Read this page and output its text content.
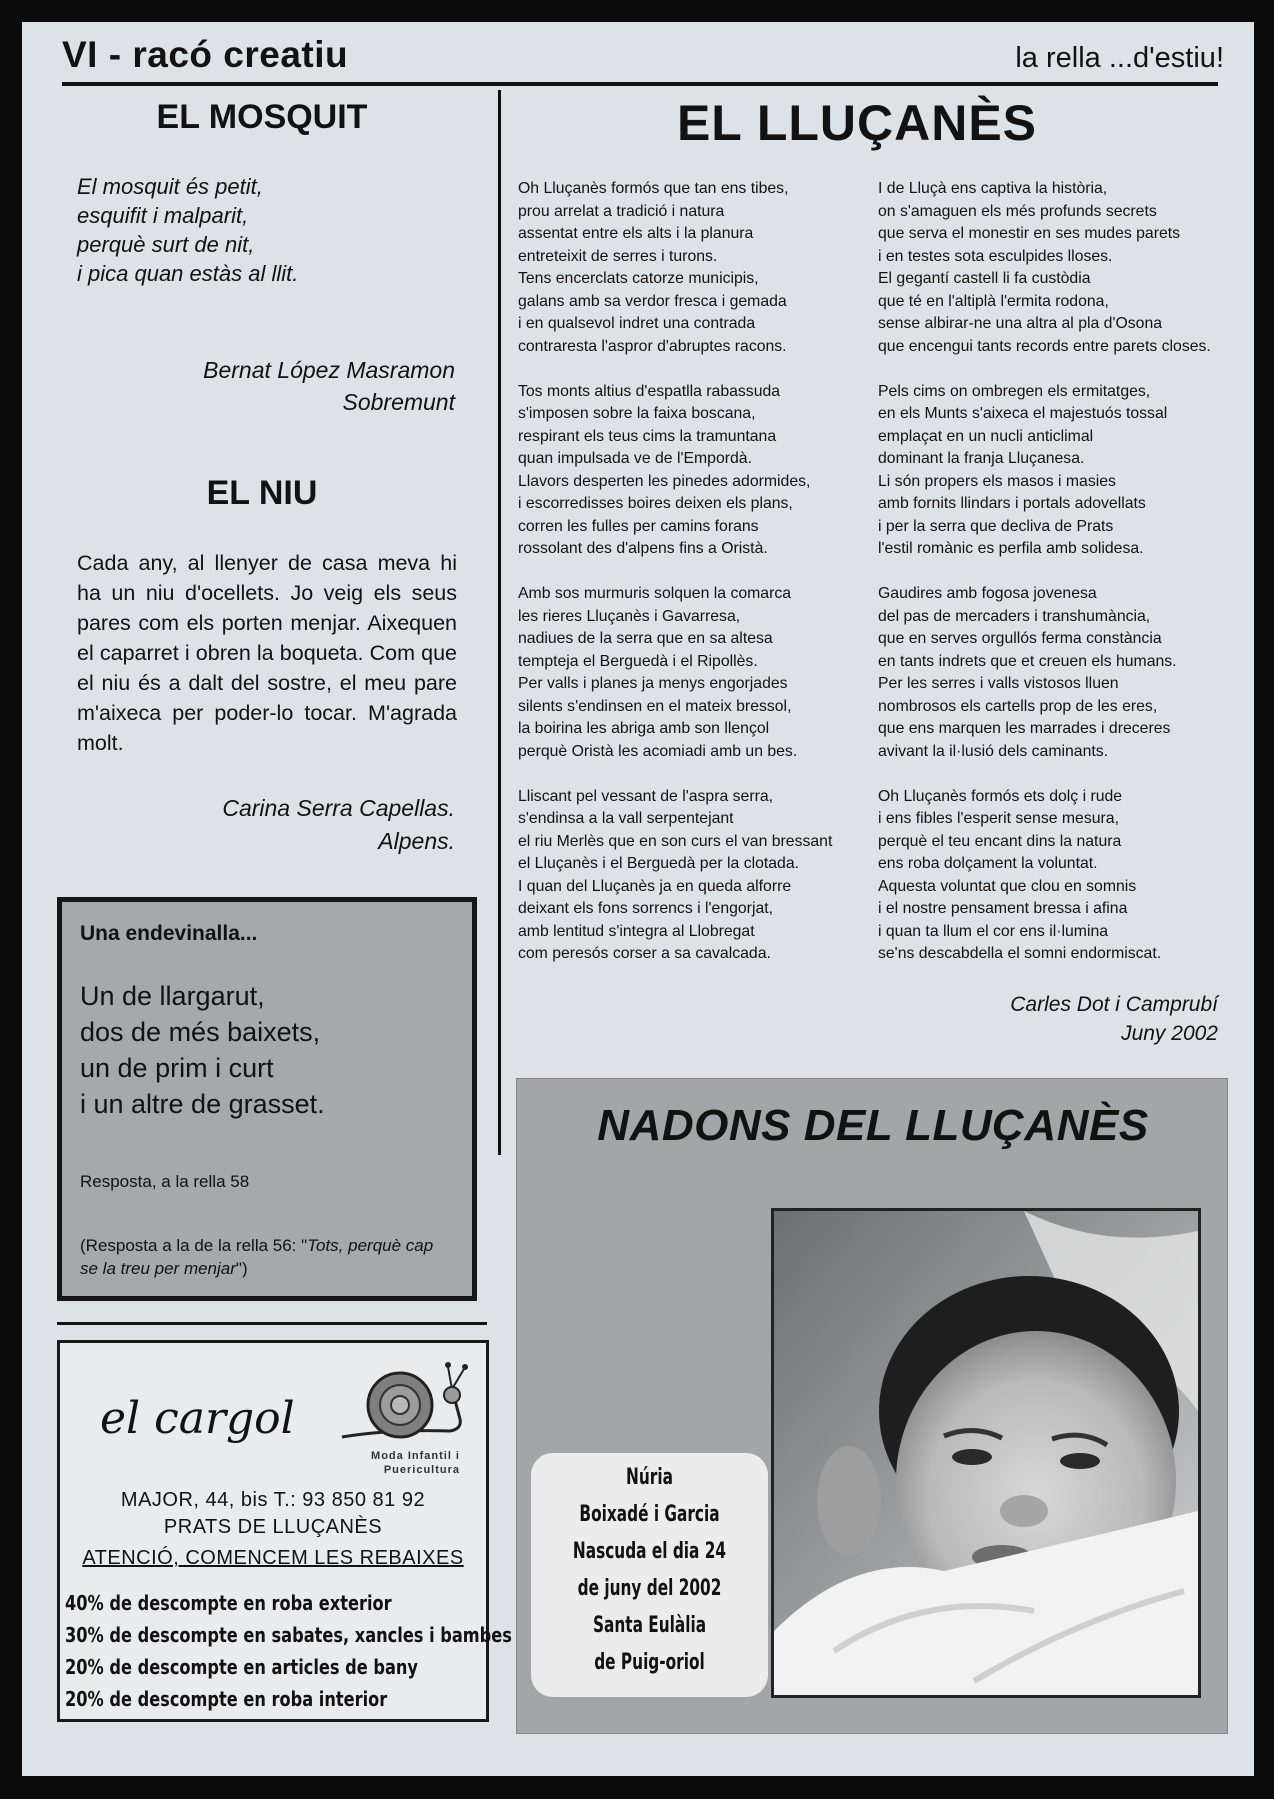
VI - racó creatiu	la rella ...d'estiu!
EL MOSQUIT
El mosquit és petit,
esquifit i malparit,
perquè surt de nit,
i pica quan estàs al llit.
Bernat López Masramon
Sobremunt
EL NIU
Cada any, al llenyer de casa meva hi ha un niu d'ocellets. Jo veig els seus pares com els porten menjar. Aixequen el caparret i obren la boqueta. Com que el niu és a dalt del sostre, el meu pare m'aixeca per poder-lo tocar. M'agrada molt.
Carina Serra Capellas.
Alpens.
Una endevinalla...
Un de llargarut,
dos de més baixets,
un de prim i curt
i un altre de grasset.
Resposta, a la rella 58
(Resposta a la de la rella 56: "Tots, perquè cap se la treu per menjar")
el cargol
Moda Infantil i
Puericultura
MAJOR, 44, bis T.: 93 850 81 92
PRATS DE LLUÇANÈS
ATENCIÓ, COMENCEM LES REBAIXES
40% de descompte en roba exterior
30% de descompte en sabates, xancles i bambes
20% de descompte en articles de bany
20% de descompte en roba interior
EL LLUÇANÈS
Oh Lluçanès formós que tan ens tibes,
prou arrelat a tradició i natura
assentat entre els alts i la planura
entreteixit de serres i turons.
Tens encerclats catorze municipis,
galans amb sa verdor fresca i gemada
i en qualsevol indret una contrada
contraresta l'aspror d'abruptes racons.
Tos monts altius d'espatlla rabassuda
s'imposen sobre la faixa boscana,
respirant els teus cims la tramuntana
quan impulsada ve de l'Empordà.
Llavors desperten les pinedes adormides,
i escorredisses boires deixen els plans,
corren les fulles per camins forans
rossolant des d'alpens fins a Oristà.
Amb sos murmuris solquen la comarca
les rieres Lluçanès i Gavarresa,
nadiues de la serra que en sa altesa
tempteja el Berguedà i el Ripollès.
Per valls i planes ja menys engorjades
silents s'endinsen en el mateix bressol,
la boirina les abriga amb son llençol
perquè Oristà les acomiadi amb un bes.
Lliscant pel vessant de l'aspra serra,
s'endinsa a la vall serpentejant
el riu Merlès que en son curs el van bressant
el Lluçanès i el Berguedà per la clotada.
I quan del Lluçanès ja en queda alforre
deixant els fons sorrencs i l'engorjat,
amb lentitud s'integra al Llobregat
com peresós corser a sa cavalcada.
I de Lluçà ens captiva la història,
on s'amaguen els més profunds secrets
que serva el monestir en ses mudes parets
i en testes sota esculpides lloses.
El gegantí castell li fa custòdia
que té en l'altiplà l'ermita rodona,
sense albirar-ne una altra al pla d'Osona
que encengui tants records entre parets closes.
Pels cims on ombregen els ermitatges,
en els Munts s'aixeca el majestuós tossal
emplaçat en un nucli anticlimal
dominant la franja Lluçanesa.
Li són propers els masos i masies
amb fornits llindars i portals adovellats
i per la serra que decliva de Prats
l'estil romànic es perfila amb solidesa.
Gaudires amb fogosa jovenesa
del pas de mercaders i transhumància,
que en serves orgullós ferma constància
en tants indrets que et creuen els humans.
Per les serres i valls vistosos lluen
nombrosos els cartells prop de les eres,
que ens marquen les marrades i dreceres
avivant la il·lusió dels caminants.
Oh Lluçanès formós ets dolç i rude
i ens fibles l'esperit sense mesura,
perquè el teu encant dins la natura
ens roba dolçament la voluntat.
Aquesta voluntat que clou en somnis
i el nostre pensament bressa i afina
i quan ta llum el cor ens il·lumina
se'ns descabdella el somni endormiscat.
Carles Dot i Camprubí
Juny 2002
NADONS DEL LLUÇANÈS
Núria
Boixadé i Garcia
Nascuda el dia 24
de juny del 2002
Santa Eulàlia
de Puig-oriol
